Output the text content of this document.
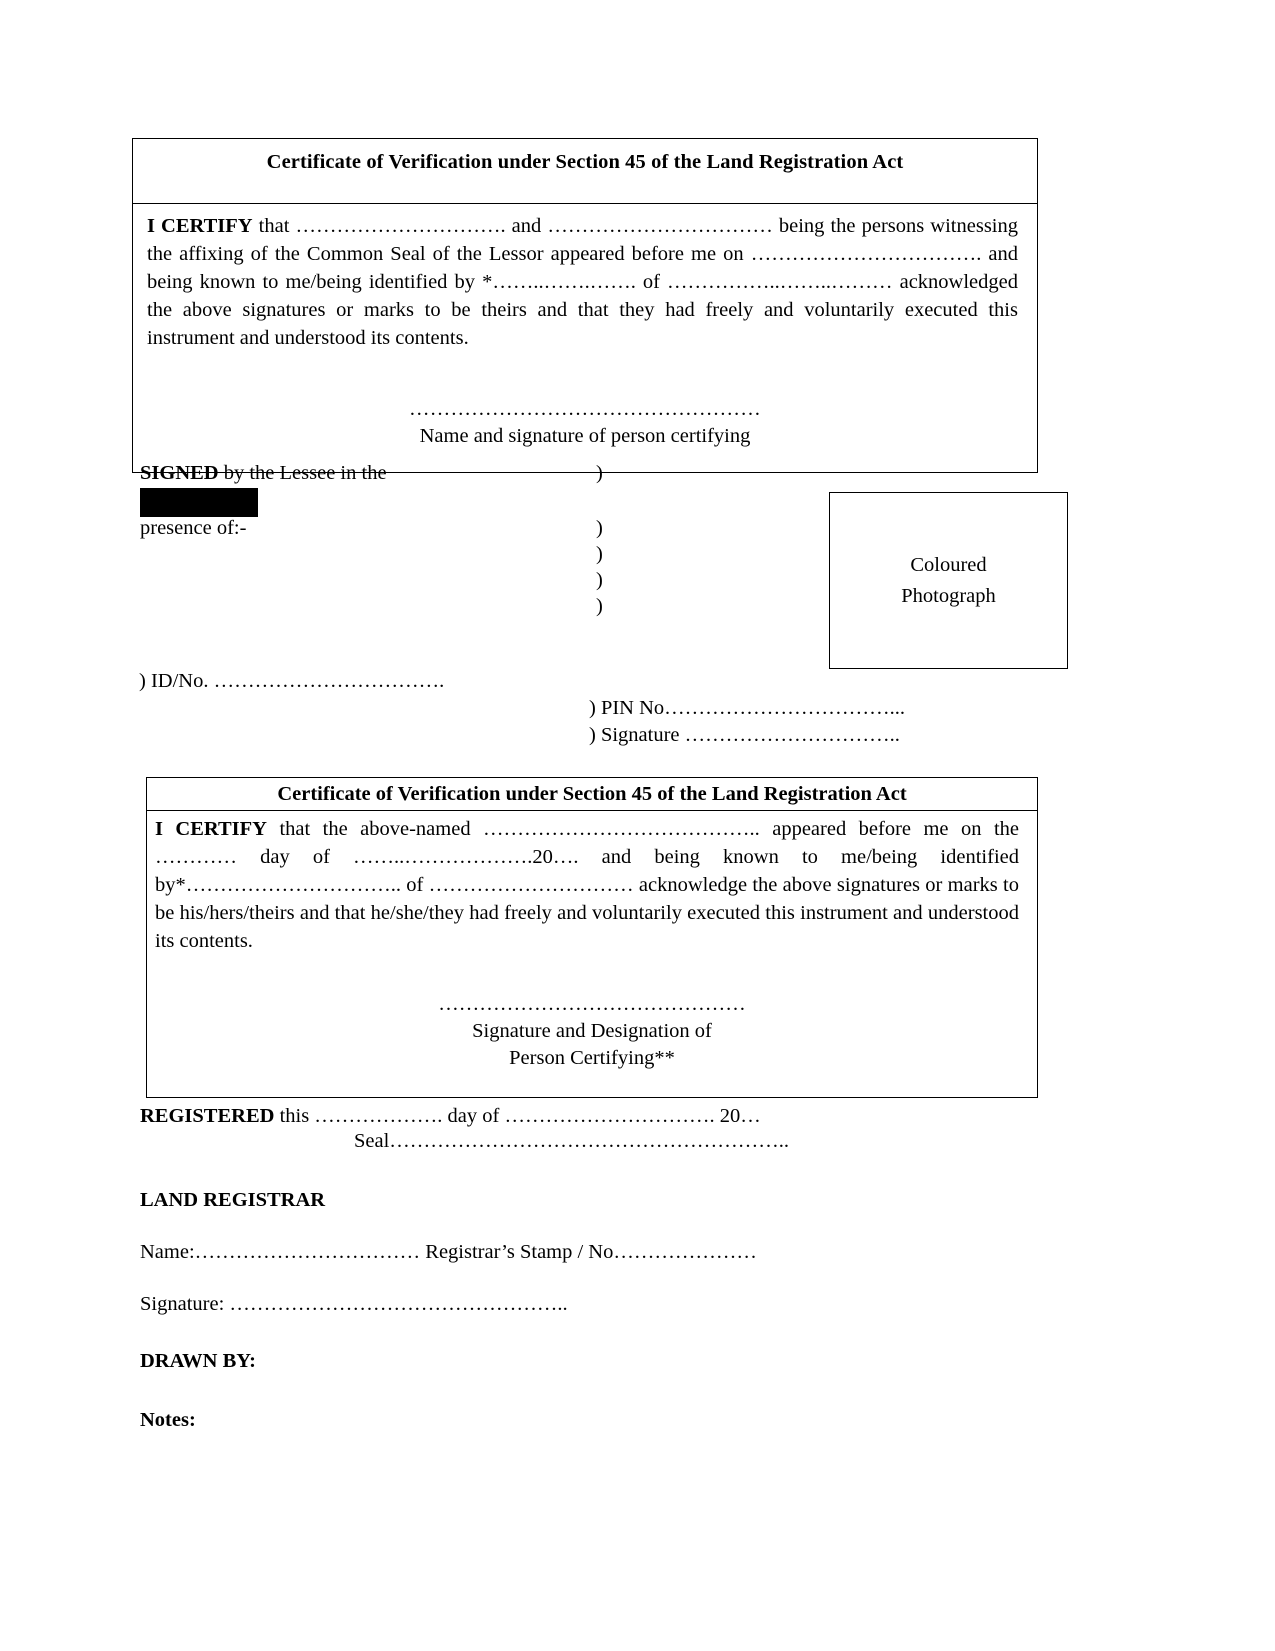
Certificate of Verification under Section 45 of the Land Registration Act

I CERTIFY that …………………………. and …………………………… being the persons witnessing the affixing of the Common Seal of the Lessor appeared before me on ……………………………. and being known to me/being identified by *……..…….……. of ……………..……..……… acknowledged the above signatures or marks to be theirs and that they had freely and voluntarily executed this instrument and understood its contents.

……………………………………………
Name and signature of person certifying
SIGNED by the Lessee in the	)
presence of:-	)
)
)
)
Coloured
Photograph
) ID/No. …………………………….
) PIN No……………………………...
) Signature …………………………..
Certificate of Verification under Section 45 of the Land Registration Act

I CERTIFY that the above-named ………………………………….. appeared before me on the ………… day of ……..……………….20…. and being known to me/being identified by*………………………….. of ………………………… acknowledge the above signatures or marks to be his/hers/theirs and that he/she/they had freely and voluntarily executed this instrument and understood its contents.

………………………………………
Signature and Designation of
Person Certifying**
REGISTERED this ………………. day of …………………………. 20…
Seal…………………………………………………..
LAND REGISTRAR
Name:…………………………… Registrar’s Stamp / No…………………
Signature: …………………………………………..
DRAWN BY:
Notes:
